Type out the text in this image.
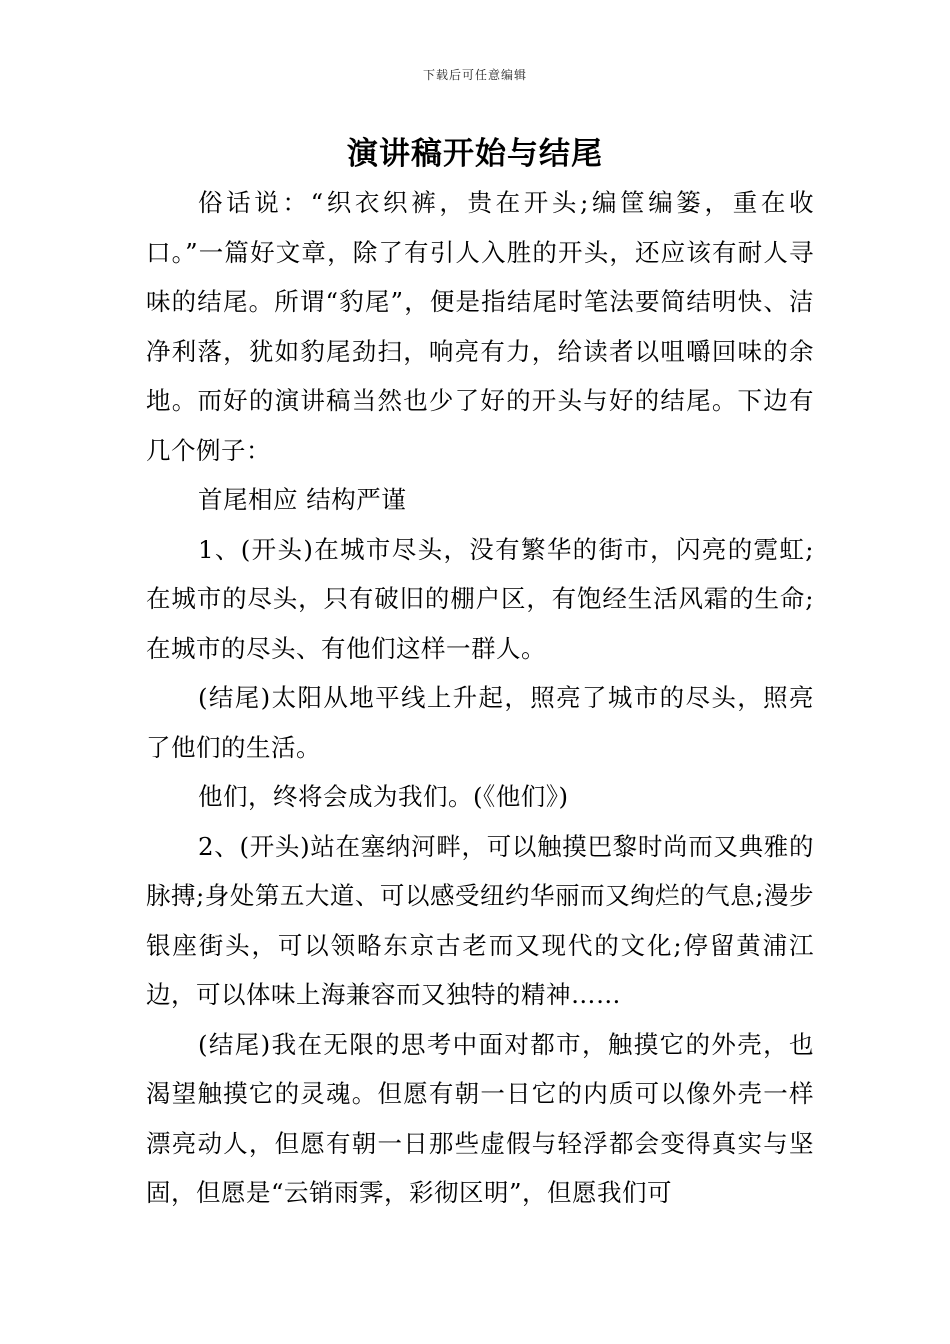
下载后可任意编辑
演讲稿开始与结尾

俗话说：“织衣织裤，贵在开头;编筐编篓，重在收口。”一篇好文章，除了有引人入胜的开头，还应该有耐人寻味的结尾。所谓“豹尾”，便是指结尾时笔法要简结明快、洁净利落，犹如豹尾劲扫，响亮有力，给读者以咀嚼回味的余地。而好的演讲稿当然也少了好的开头与好的结尾。下边有几个例子：

首尾相应 结构严谨

1、(开头)在城市尽头，没有繁华的街市，闪亮的霓虹;在城市的尽头，只有破旧的棚户区，有饱经生活风霜的生命;在城市的尽头、有他们这样一群人。

(结尾)太阳从地平线上升起，照亮了城市的尽头，照亮了他们的生活。

他们，终将会成为我们。(《他们》)

2、(开头)站在塞纳河畔，可以触摸巴黎时尚而又典雅的脉搏;身处第五大道、可以感受纽约华丽而又绚烂的气息;漫步银座街头，可以领略东京古老而又现代的文化;停留黄浦江边，可以体味上海兼容而又独特的精神……

(结尾)我在无限的思考中面对都市，触摸它的外壳，也渴望触摸它的灵魂。但愿有朝一日它的内质可以像外壳一样漂亮动人，但愿有朝一日那些虚假与轻浮都会变得真实与坚固，但愿是“云销雨霁，彩彻区明”，但愿我们可
